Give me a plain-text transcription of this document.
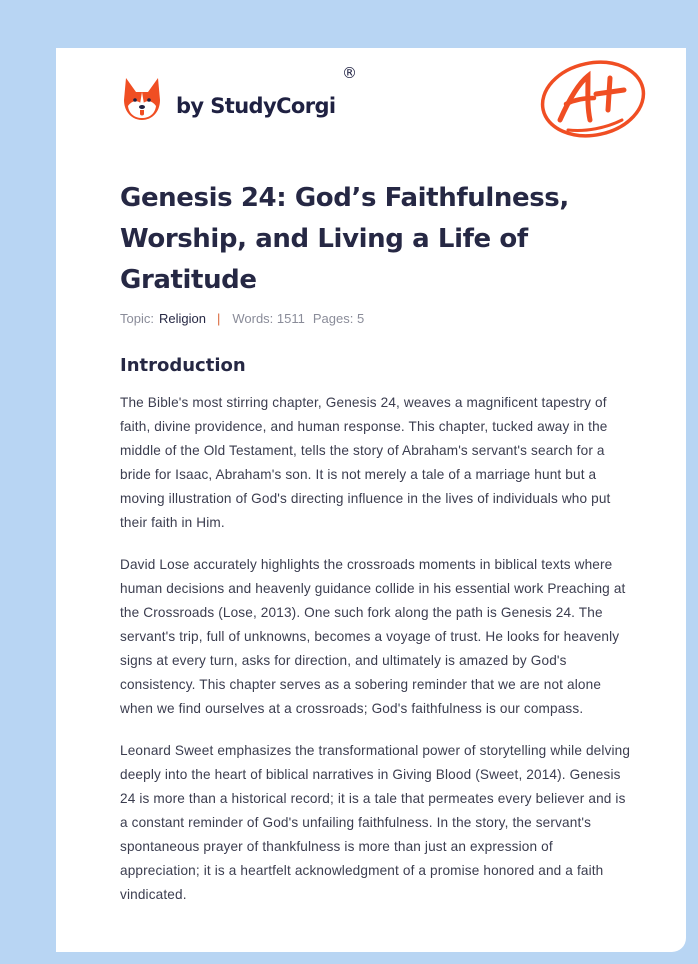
by StudyCorgi
®
Genesis 24: God’s Faithfulness, Worship, and Living a Life of Gratitude
Topic: Religion | Words: 1511 Pages: 5
Introduction

The Bible's most stirring chapter, Genesis 24, weaves a magnificent tapestry of faith, divine providence, and human response. This chapter, tucked away in the middle of the Old Testament, tells the story of Abraham's servant's search for a bride for Isaac, Abraham's son. It is not merely a tale of a marriage hunt but a moving illustration of God's directing influence in the lives of individuals who put their faith in Him.

David Lose accurately highlights the crossroads moments in biblical texts where human decisions and heavenly guidance collide in his essential work Preaching at the Crossroads (Lose, 2013). One such fork along the path is Genesis 24. The servant's trip, full of unknowns, becomes a voyage of trust. He looks for heavenly signs at every turn, asks for direction, and ultimately is amazed by God's consistency. This chapter serves as a sobering reminder that we are not alone when we find ourselves at a crossroads; God's faithfulness is our compass.

Leonard Sweet emphasizes the transformational power of storytelling while delving deeply into the heart of biblical narratives in Giving Blood (Sweet, 2014). Genesis 24 is more than a historical record; it is a tale that permeates every believer and is a constant reminder of God's unfailing faithfulness. In the story, the servant's spontaneous prayer of thankfulness is more than just an expression of appreciation; it is a heartfelt acknowledgment of a promise honored and a faith vindicated.
